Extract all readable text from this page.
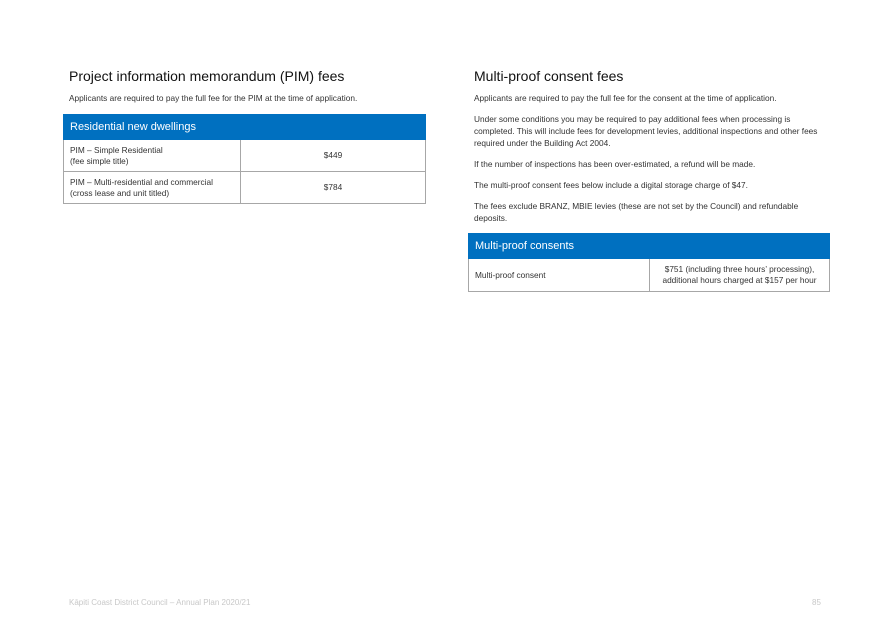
Project information memorandum (PIM) fees

Applicants are required to pay the full fee for the PIM at the time of application.

Residential new dwellings	
PIM – Simple Residential
(fee simple title)	$449
PIM – Multi-residential and commercial
(cross lease and unit titled)	$784
Multi-proof consent fees

Applicants are required to pay the full fee for the consent at the time of application.

Under some conditions you may be required to pay additional fees when processing is completed. This will include fees for development levies, additional inspections and other fees required under the Building Act 2004.

If the number of inspections has been over-estimated, a refund will be made.

The multi-proof consent fees below include a digital storage charge of $47.

The fees exclude BRANZ, MBIE levies (these are not set by the Council) and refundable deposits.

Multi-proof consents
Multi-proof consent	$751 (including three hours’ processing),
additional hours charged at $157 per hour
Kāpiti Coast District Council – Annual Plan 2020/21	85
